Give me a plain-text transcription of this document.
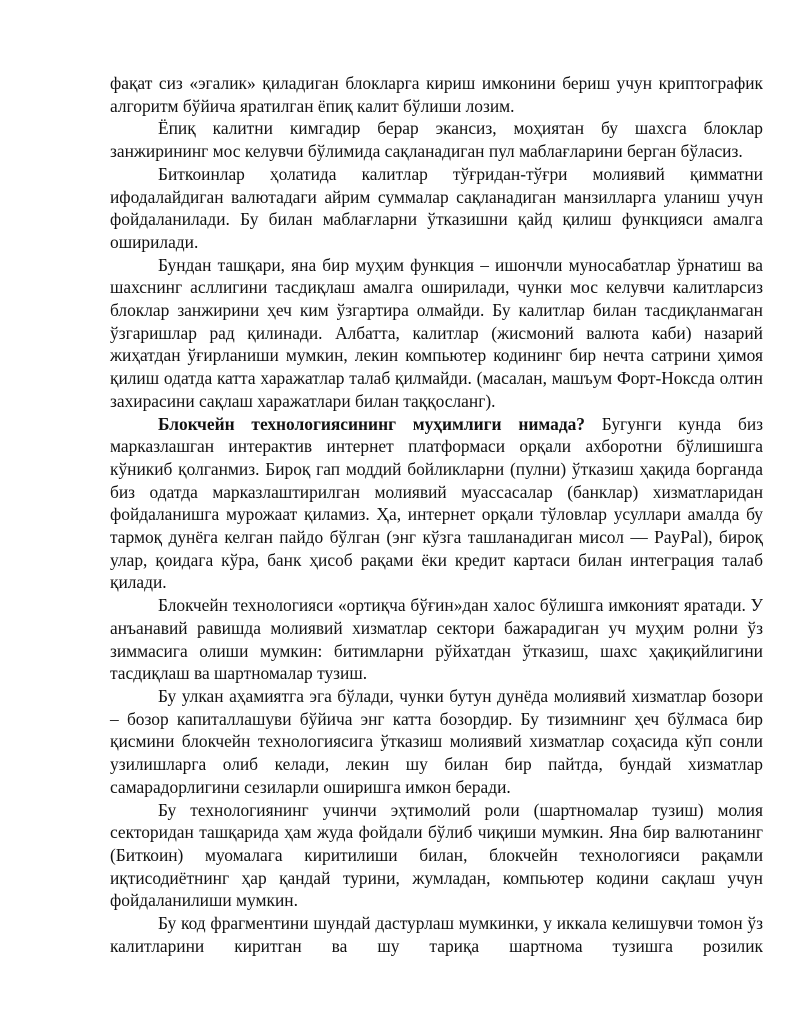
фақат сиз «эгалик» қиладиган блокларга кириш имконини бериш учун криптографик алгоритм бўйича яратилган ёпиқ калит бўлиши лозим.

Ёпиқ калитни кимгадир берар экансиз, моҳиятан бу шахсга блоклар занжирининг мос келувчи бўлимида сақланадиган пул маблағларини берган бўласиз.

Биткоинлар ҳолатида калитлар тўғридан-тўғри молиявий қимматни ифодалайдиган валютадаги айрим суммалар сақланадиган манзилларга уланиш учун фойдаланилади. Бу билан маблағларни ўтказишни қайд қилиш функцияси амалга оширилади.

Бундан ташқари, яна бир муҳим функция – ишончли муносабатлар ўрнатиш ва шахснинг асллигини тасдиқлаш амалга оширилади, чунки мос келувчи калитларсиз блоклар занжирини ҳеч ким ўзгартира олмайди. Бу калитлар билан тасдиқланмаган ўзгаришлар рад қилинади. Албатта, калитлар (жисмоний валюта каби) назарий жиҳатдан ўғирланиши мумкин, лекин компьютер кодининг бир нечта сатрини ҳимоя қилиш одатда катта харажатлар талаб қилмайди. (масалан, машъум Форт-Ноксда олтин захирасини сақлаш харажатлари билан таққосланг).

Блокчейн технологиясининг муҳимлиги нимада? Бугунги кунда биз марказлашган интерактив интернет платформаси орқали ахборотни бўлишишга кўникиб қолганмиз. Бироқ гап моддий бойликларни (пулни) ўтказиш ҳақида борганда биз одатда марказлаштирилган молиявий муассасалар (банклар) хизматларидан фойдаланишга мурожаат қиламиз. Ҳа, интернет орқали тўловлар усуллари амалда бу тармоқ дунёга келган пайдо бўлган (энг кўзга ташланадиган мисол — PayPal), бироқ улар, қоидага кўра, банк ҳисоб рақами ёки кредит картаси билан интеграция талаб қилади.

Блокчейн технологияси «ортиқча бўғин»дан халос бўлишга имконият яратади. У анъанавий равишда молиявий хизматлар сектори бажарадиган уч муҳим ролни ўз зиммасига олиши мумкин: битимларни рўйхатдан ўтказиш, шахс ҳақиқийлигини тасдиқлаш ва шартномалар тузиш.

Бу улкан аҳамиятга эга бўлади, чунки бутун дунёда молиявий хизматлар бозори – бозор капиталлашуви бўйича энг катта бозордир. Бу тизимнинг ҳеч бўлмаса бир қисмини блокчейн технологиясига ўтказиш молиявий хизматлар соҳасида кўп сонли узилишларга олиб келади, лекин шу билан бир пайтда, бундай хизматлар самарадорлигини сезиларли оширишга имкон беради.

Бу технологиянинг учинчи эҳтимолий роли (шартномалар тузиш) молия секторидан ташқарида ҳам жуда фойдали бўлиб чиқиши мумкин. Яна бир валютанинг (Биткоин) муомалага киритилиши билан, блокчейн технологияси рақамли иқтисодиётнинг ҳар қандай турини, жумладан, компьютер кодини сақлаш учун фойдаланилиши мумкин.

Бу код фрагментини шундай дастурлаш мумкинки, у иккала келишувчи томон ўз калитларини киритган ва шу тариқа шартнома тузишга розилик
